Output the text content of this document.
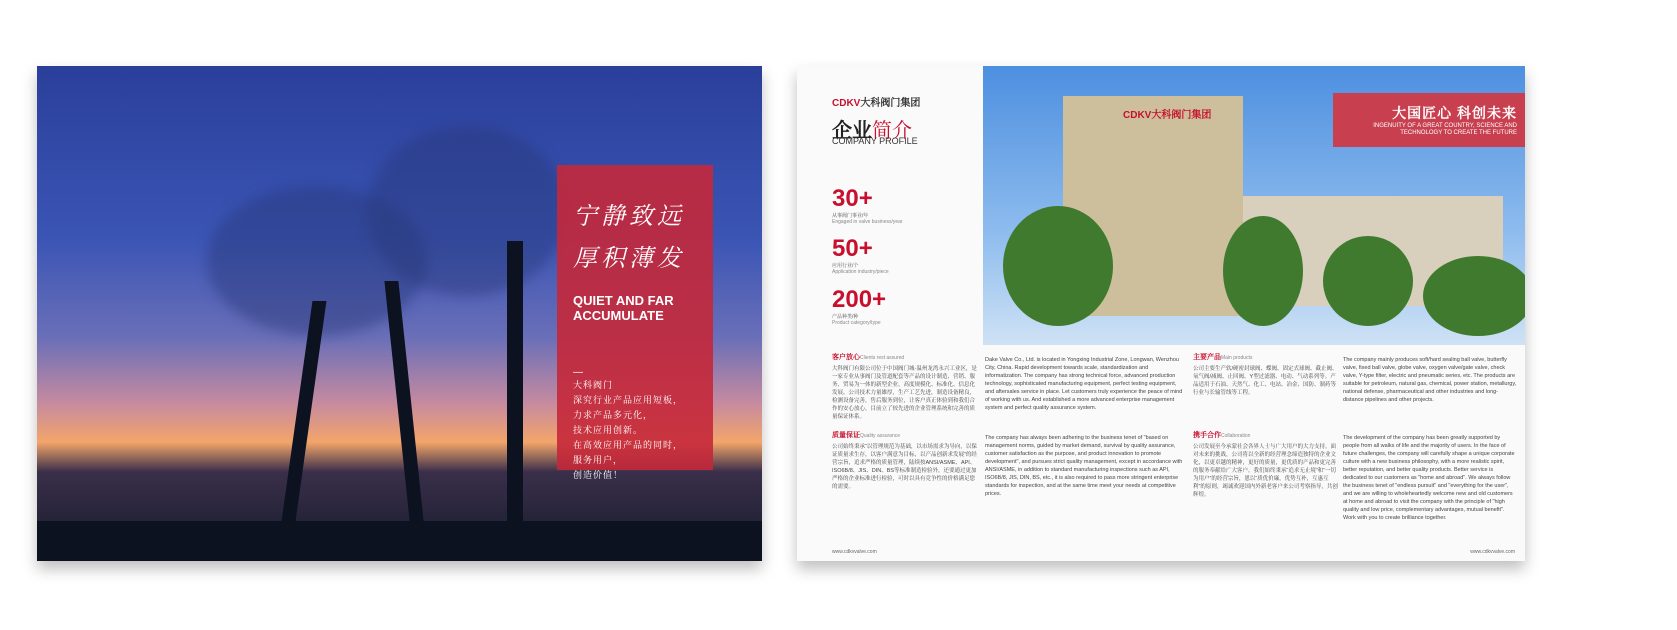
宁静致远
厚积薄发
QUIET AND FAR
ACCUMULATE
—
大科阀门
深究行业产品应用短板，
力求产品多元化，
技术应用创新。
在高效应用产品的同时，
服务用户，
创造价值！
CDKV大科阀门集团
企业简介
COMPANY PROFILE
30+
从事阀门事业/年
Engaged in valve business/year
50+
应用行业/个
Application industry/piece
200+
产品种类/种
Product category/type
CDKV大科阀门集团	大国匠心 科创未来
INGENUITY OF A GREAT COUNTRY, SCIENCE AND
TECHNOLOGY TO CREATE THE FUTURE
客户放心Clients rest assured

大科阀门有限公司位于中国阀门城·温州龙湾永兴工业区，是一家专业从事阀门及管道配套等产品的设计制造、营销、服务、贸易为一体的新型企业。高度规模化、标准化、信息化发展。公司技术力量雄厚，生产工艺先进，制造设备精良，检测设备完善，售后服务到位，让客户真正体验到和我们合作的安心放心，目前立了较先进的企业管理系统和完善的质量保证体系。

Dake Valve Co., Ltd. is located in Yongxing Industrial Zone, Longwan, Wenzhou City, China. Rapid development towards scale, standardization and informatization. The company has strong technical force, advanced production technology, sophisticated manufacturing equipment, perfect testing equipment, and aftersales service in place. Let customers truly experience the peace of mind of working with us. And established a more advanced enterprise management system and perfect quality assurance system.

主要产品Main products

公司主要生产软/硬密封球阀、蝶阀、固定式球阀、截止阀、氧气阀/减阀、止回阀、Y型过滤器、电动、气动系列等。产品适用于石油、天然气、化工、电站、冶金、国防、制药等行业与长输管线等工程。

The company mainly produces soft/hard sealing ball valve, butterfly valve, fixed ball valve, globe valve, oxygen valve/gate valve, check valve, Y-type filter, electric and pneumatic series, etc. The products are suitable for petroleum, natural gas, chemical, power station, metallurgy, national defense, pharmaceutical and other industries and long-distance pipelines and other projects.

质量保证Quality assurance

公司始终秉承“以管理规范为基础，以市场需求为导向，以保证质量求生存，以客户满意为目标，以产品创新求发展”的经营宗旨，追求严格的质量管理，陆续按ANSI/ASME、API、ISO6B/8、JIS、DIN、BS等标准制造检验外，还要通过更加严格的企业标准进行检验，可时以具有竞争性的价格满足您的需要。

The company has always been adhering to the business tenet of "based on management norms, guided by market demand, survival by quality assurance, customer satisfaction as the purpose, and product innovation to promote development", and pursues strict quality management, except in accordance with ANSI/ASME, in addition to standard manufacturing inspections such as API, ISO6B/8, JIS, DIN, BS, etc., it is also required to pass more stringent enterprise standards for inspection, and at the same time meet your needs at competitive prices.

携手合作Collaboration

公司发展至今承蒙社会各界人士与广大用户的大力支持。面对未来的挑战，公司将以全新的经营理念缔造独特的企业文化，以更卓越的精神，更好的质量，更优质的产品和更完善的服务奉献给广大客户。我们始终秉承“追求无止境”和“一切为用户”的经营宗旨，恩以“质优价廉，优势互补，互惠互利”的原则，竭诚欢迎国内外新老客户来公司考察指导，共创辉煌。

The development of the company has been greatly supported by people from all walks of life and the majority of users. In the face of future challenges, the company will carefully shape a unique corporate culture with a new business philosophy, with a more realistic spirit, better reputation, and better quality products. Better service is dedicated to our customers as "home and abroad". We always follow the business tenet of "endless pursuit" and "everything for the user", and we are willing to wholeheartedly welcome new and old customers at home and abroad to visit the company with the principle of "high quality and low price, complementary advantages, mutual benefit". Work with you to create brilliance together.

www.cdkvvalve.com	www.cdkvvalve.com
